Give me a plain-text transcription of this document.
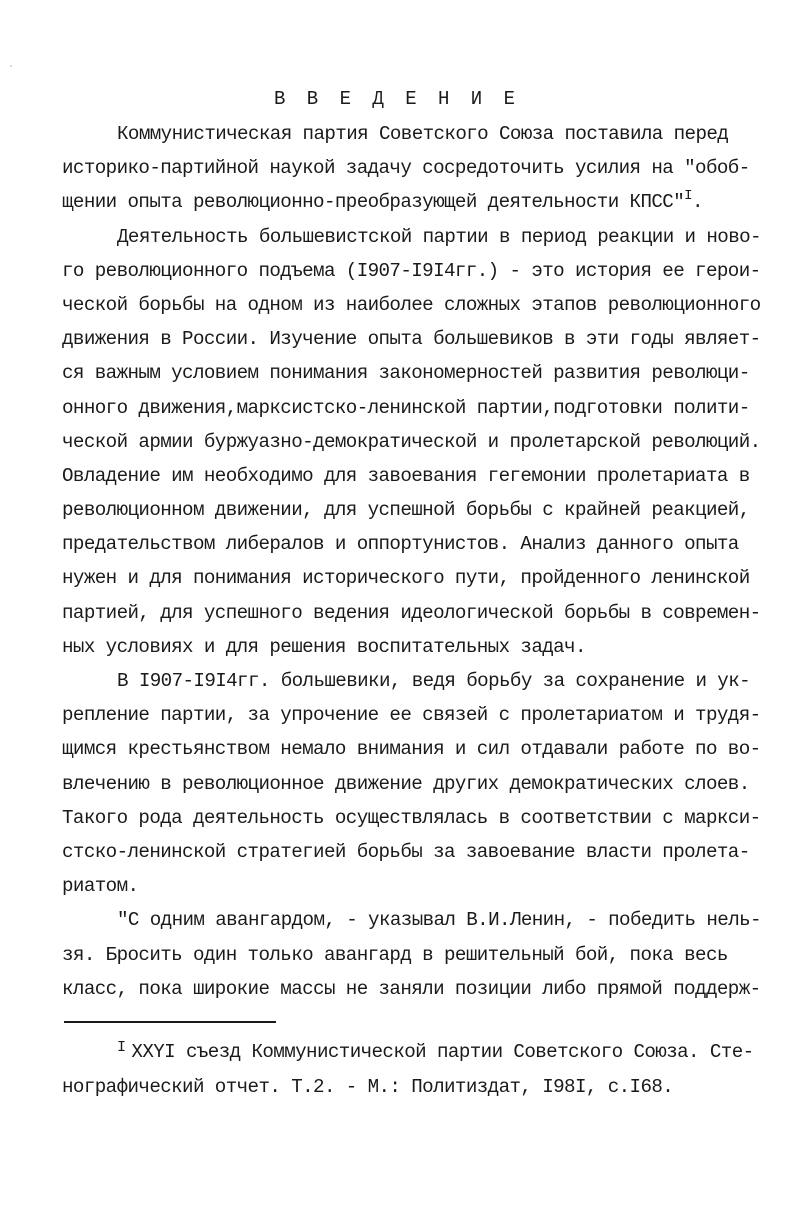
В В Е Д Е Н И Е
Коммунистическая партия Советского Союза поставила перед
историко-партийной наукой задачу сосредоточить усилия на "обоб-
щении опыта революционно-преобразующей деятельности КПСС"$^I$.
Деятельность большевистской партии в период реакции и ново-
го революционного подъема (I907-I9I4гг.) - это история ее герои-
ческой борьбы на одном из наиболее сложных этапов революционного
движения в России. Изучение опыта большевиков в эти годы являет-
ся важным условием понимания закономерностей развития революци-
онного движения,марксистско-ленинской партии,подготовки полити-
ческой армии буржуазно-демократической и пролетарской революций.
Овладение им необходимо для завоевания гегемонии пролетариата в
революционном движении, для успешной борьбы с крайней реакцией,
предательством либералов и оппортунистов. Анализ данного опыта
нужен и для понимания исторического пути, пройденного ленинской
партией, для успешного ведения идеологической борьбы в современ-
ных условиях и для решения воспитательных задач.
В I907-I9I4гг. большевики, ведя борьбу за сохранение и ук-
репление партии, за упрочение ее связей с пролетариатом и трудя-
щимся крестьянством немало внимания и сил отдавали работе по во-
влечению в революционное движение других демократических слоев.
Такого рода деятельность осуществлялась в соответствии с маркси-
стско-ленинской стратегией борьбы за завоевание власти пролета-
риатом.
"С одним авангардом, - указывал В.И.Ленин, - победить нель-
зя. Бросить один только авангард в решительный бой, пока весь
класс, пока широкие массы не заняли позиции либо прямой поддерж-
$^I$ XXYI съезд Коммунистической партии Советского Союза. Сте-
нографический отчет. Т.2. - М.: Политиздат, I98I, с.I68.
